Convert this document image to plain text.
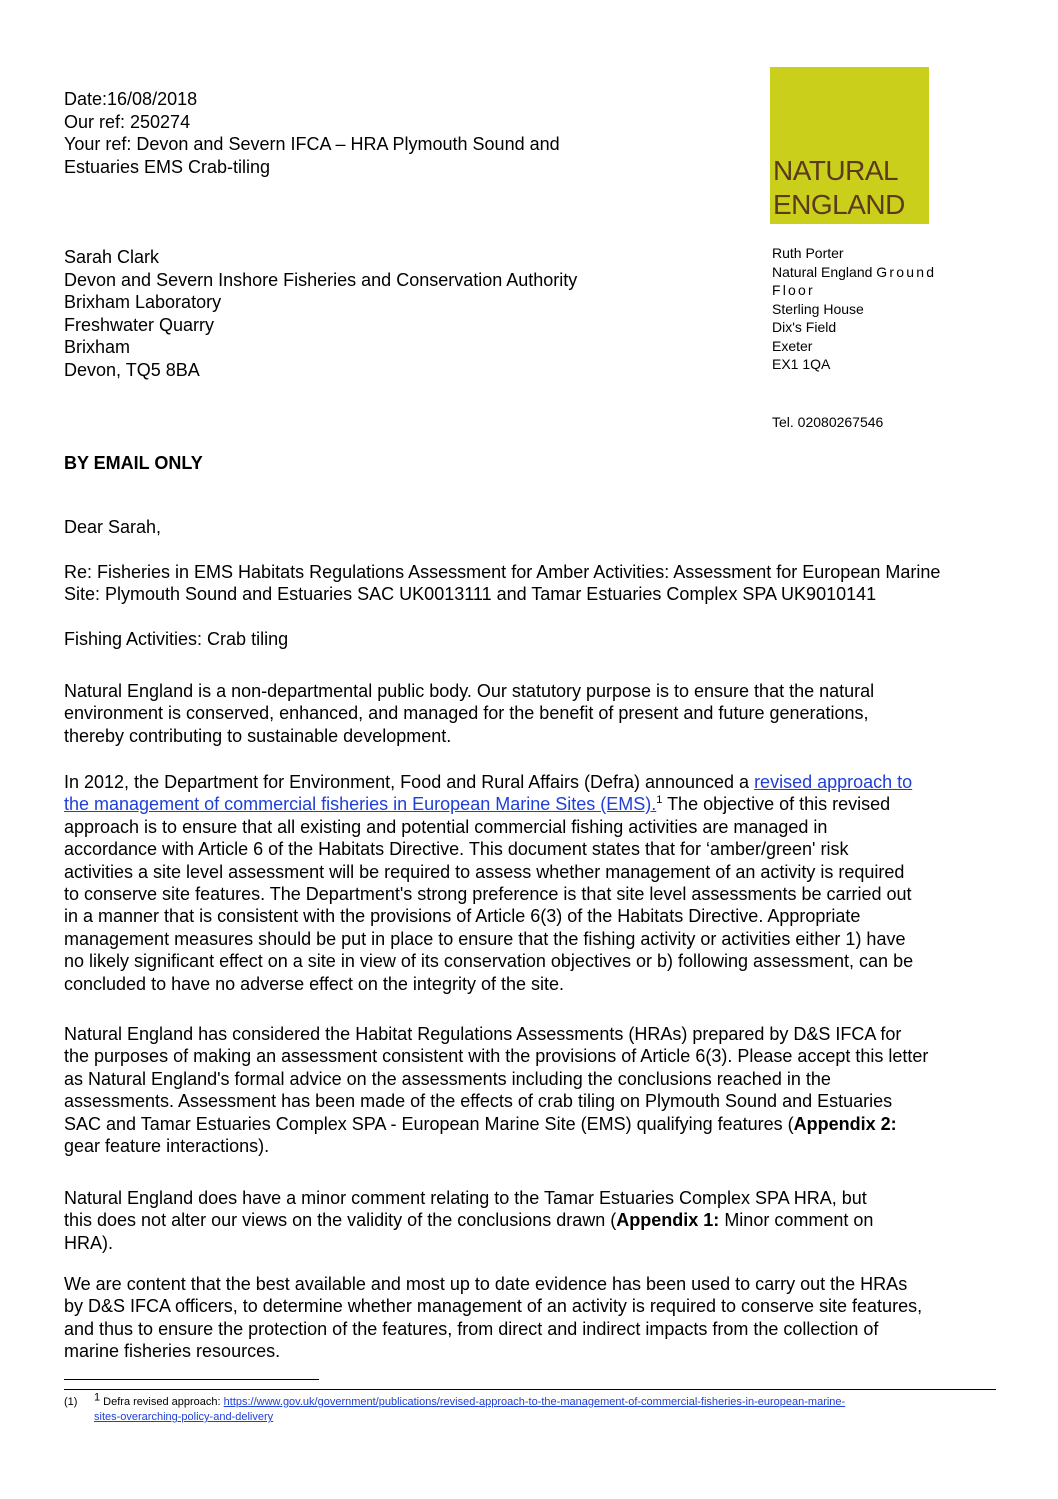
Date:16/08/2018
Our ref: 250274
Your ref: Devon and Severn IFCA – HRA Plymouth Sound and
Estuaries EMS Crab-tiling	NATURAL
ENGLAND
Sarah Clark
Devon and Severn Inshore Fisheries and Conservation Authority
Brixham Laboratory
Freshwater Quarry
Brixham
Devon, TQ5 8BA
Ruth Porter
Natural England Ground
Floor
Sterling House
Dix's Field
Exeter
EX1 1QA
Tel. 02080267546
BY EMAIL ONLY
Dear Sarah,
Re: Fisheries in EMS Habitats Regulations Assessment for Amber Activities: Assessment for European Marine
Site: Plymouth Sound and Estuaries SAC UK0013111 and Tamar Estuaries Complex SPA UK9010141
Fishing Activities: Crab tiling
Natural England is a non-departmental public body. Our statutory purpose is to ensure that the natural
environment is conserved, enhanced, and managed for the benefit of present and future generations,
thereby contributing to sustainable development.
In 2012, the Department for Environment, Food and Rural Affairs (Defra) announced a revised approach to
the management of commercial fisheries in European Marine Sites (EMS).$^1$ The objective of this revised
approach is to ensure that all existing and potential commercial fishing activities are managed in
accordance with Article 6 of the Habitats Directive. This document states that for ‘amber/green' risk
activities a site level assessment will be required to assess whether management of an activity is required
to conserve site features. The Department's strong preference is that site level assessments be carried out
in a manner that is consistent with the provisions of Article 6(3) of the Habitats Directive. Appropriate
management measures should be put in place to ensure that the fishing activity or activities either 1) have
no likely significant effect on a site in view of its conservation objectives or b) following assessment, can be
concluded to have no adverse effect on the integrity of the site.
Natural England has considered the Habitat Regulations Assessments (HRAs) prepared by D&S IFCA for
the purposes of making an assessment consistent with the provisions of Article 6(3). Please accept this letter
as Natural England's formal advice on the assessments including the conclusions reached in the
assessments. Assessment has been made of the effects of crab tiling on Plymouth Sound and Estuaries
SAC and Tamar Estuaries Complex SPA - European Marine Site (EMS) qualifying features (Appendix 2:
gear feature interactions).
Natural England does have a minor comment relating to the Tamar Estuaries Complex SPA HRA, but
this does not alter our views on the validity of the conclusions drawn (Appendix 1: Minor comment on
HRA).
We are content that the best available and most up to date evidence has been used to carry out the HRAs
by D&S IFCA officers, to determine whether management of an activity is required to conserve site features,
and thus to ensure the protection of the features, from direct and indirect impacts from the collection of
marine fisheries resources.
(1) $^1$ Defra revised approach: https://www.gov.uk/government/publications/revised-approach-to-the-management-of-commercial-fisheries-in-european-marine-
sites-overarching-policy-and-delivery
